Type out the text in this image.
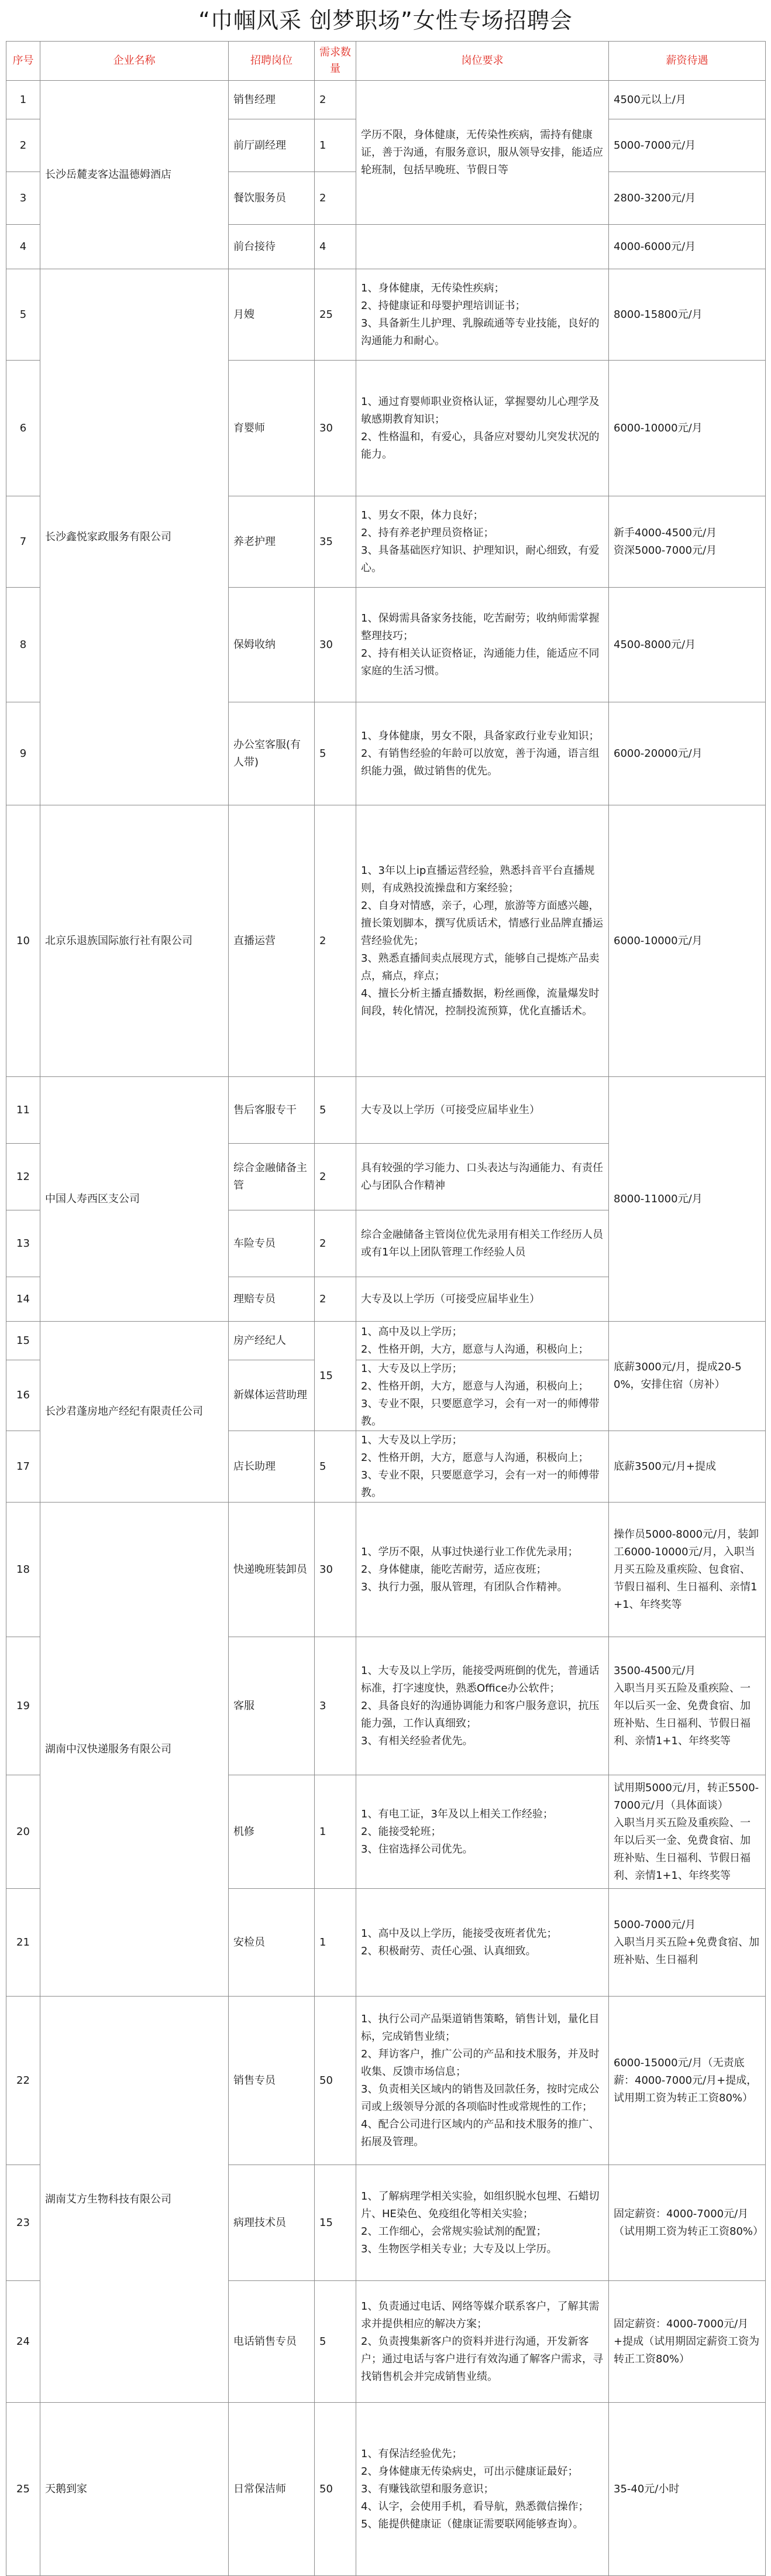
“巾帼风采 创梦职场”女性专场招聘会
序号	企业名称	招聘岗位	需求数量	岗位要求	薪资待遇
1	长沙岳麓麦客达温德姆酒店	销售经理	2	学历不限，身体健康，无传染性疾病，需持有健康证，善于沟通，有服务意识，服从领导安排，能适应轮班制，包括早晚班、节假日等	4500元以上/月
2		前厅副经理	1		5000-7000元/月
3		餐饮服务员	2		2800-3200元/月
4		前台接待	4		4000-6000元/月
5	长沙鑫悦家政服务有限公司	月嫂	25	1、身体健康，无传染性疾病；
2、持健康证和母婴护理培训证书；
3、具备新生儿护理、乳腺疏通等专业技能，良好的沟通能力和耐心。	8000-15800元/月
6		育婴师	30	1、通过育婴师职业资格认证，掌握婴幼儿心理学及敏感期教育知识；
2、性格温和，有爱心，具备应对婴幼儿突发状况的能力。	6000-10000元/月
7		养老护理	35	1、男女不限，体力良好；
2、持有养老护理员资格证；
3、具备基础医疗知识、护理知识，耐心细致，有爱心。	新手4000-4500元/月
资深5000-7000元/月
8		保姆收纳	30	1、保姆需具备家务技能，吃苦耐劳；收纳师需掌握整理技巧；
2、持有相关认证资格证，沟通能力佳，能适应不同家庭的生活习惯。	4500-8000元/月
9		办公室客服(有人带)	5	1、身体健康，男女不限，具备家政行业专业知识；
2、有销售经验的年龄可以放宽，善于沟通，语言组织能力强，做过销售的优先。	6000-20000元/月
10	北京乐退族国际旅行社有限公司	直播运营	2	1、3年以上ip直播运营经验，熟悉抖音平台直播规则，有成熟投流操盘和方案经验；
2、自身对情感，亲子，心理，旅游等方面感兴趣，擅长策划脚本，撰写优质话术，情感行业品牌直播运营经验优先；
3、熟悉直播间卖点展现方式，能够自己提炼产品卖点，痛点，痒点；
4、擅长分析主播直播数据，粉丝画像，流量爆发时间段，转化情况，控制投流预算，优化直播话术。	6000-10000元/月
11	中国人寿西区支公司	售后客服专干	5	大专及以上学历（可接受应届毕业生）	8000-11000元/月
12		综合金融储备主管	2	具有较强的学习能力、口头表达与沟通能力、有责任心与团队合作精神	
13		车险专员	2	综合金融储备主管岗位优先录用有相关工作经历人员或有1年以上团队管理工作经验人员	
14		理赔专员	2	大专及以上学历（可接受应届毕业生）	
15	长沙君蓬房地产经纪有限责任公司	房产经纪人	15	1、高中及以上学历；
2、性格开朗，大方，愿意与人沟通，积极向上；	底薪3000元/月，提成20-50%，安排住宿（房补）
16		新媒体运营助理		1、大专及以上学历；
2、性格开朗，大方，愿意与人沟通，积极向上；
3、专业不限，只要愿意学习，会有一对一的师傅带教。	
17		店长助理	5	1、大专及以上学历；
2、性格开朗，大方，愿意与人沟通，积极向上；
3、专业不限，只要愿意学习，会有一对一的师傅带教。	底薪3500元/月+提成
18	湖南中汉快递服务有限公司	快递晚班装卸员	30	1、学历不限，从事过快递行业工作优先录用；
2、身体健康，能吃苦耐劳，适应夜班；
3、执行力强，服从管理，有团队合作精神。	操作员5000-8000元/月，装卸工6000-10000元/月，入职当月买五险及重疾险、包食宿、节假日福利、生日福利、亲情1+1、年终奖等
19		客服	3	1、大专及以上学历，能接受两班倒的优先，普通话标准，打字速度快，熟悉Office办公软件；
2、具备良好的沟通协调能力和客户服务意识，抗压能力强，工作认真细致；
3、有相关经验者优先。	3500-4500元/月
入职当月买五险及重疾险、一年以后买一金、免费食宿、加班补贴、生日福利、节假日福利、亲情1+1、年终奖等
20		机修	1	1、有电工证，3年及以上相关工作经验；
2、能接受轮班；
3、住宿选择公司优先。	试用期5000元/月，转正5500-7000元/月（具体面谈）
入职当月买五险及重疾险、一年以后买一金、免费食宿、加班补贴、生日福利、节假日福利、亲情1+1、年终奖等
21		安检员	1	1、高中及以上学历，能接受夜班者优先；
2、积极耐劳、责任心强、认真细致。	5000-7000元/月
入职当月买五险+免费食宿、加班补贴、生日福利
22	湖南艾方生物科技有限公司	销售专员	50	1、执行公司产品渠道销售策略，销售计划，量化目标，完成销售业绩；
2、拜访客户，推广公司的产品和技术服务，并及时收集、反馈市场信息；
3、负责相关区域内的销售及回款任务，按时完成公司或上级领导分派的各项临时性或常规性的工作；
4、配合公司进行区域内的产品和技术服务的推广、拓展及管理。	6000-15000元/月（无责底薪：4000-7000元/月+提成，试用期工资为转正工资80%）
23		病理技术员	15	1、了解病理学相关实验，如组织脱水包埋、石蜡切片、HE染色、免疫组化等相关实验；
2、工作细心，会常规实验试剂的配置；
3、生物医学相关专业；大专及以上学历。	固定薪资：4000-7000元/月（试用期工资为转正工资80%）
24		电话销售专员	5	1、负责通过电话、网络等媒介联系客户，了解其需求并提供相应的解决方案；
2、负责搜集新客户的资料并进行沟通，开发新客户；通过电话与客户进行有效沟通了解客户需求，寻找销售机会并完成销售业绩。	固定薪资：4000-7000元/月+提成（试用期固定薪资工资为转正工资80%）
25	天鹅到家	日常保洁师	50	1、有保洁经验优先；
2、身体健康无传染病史，可出示健康证最好；
3、有赚钱欲望和服务意识；
4、认字，会使用手机，看导航，熟悉微信操作；
5、能提供健康证（健康证需要联网能够查询）。	35-40元/小时
